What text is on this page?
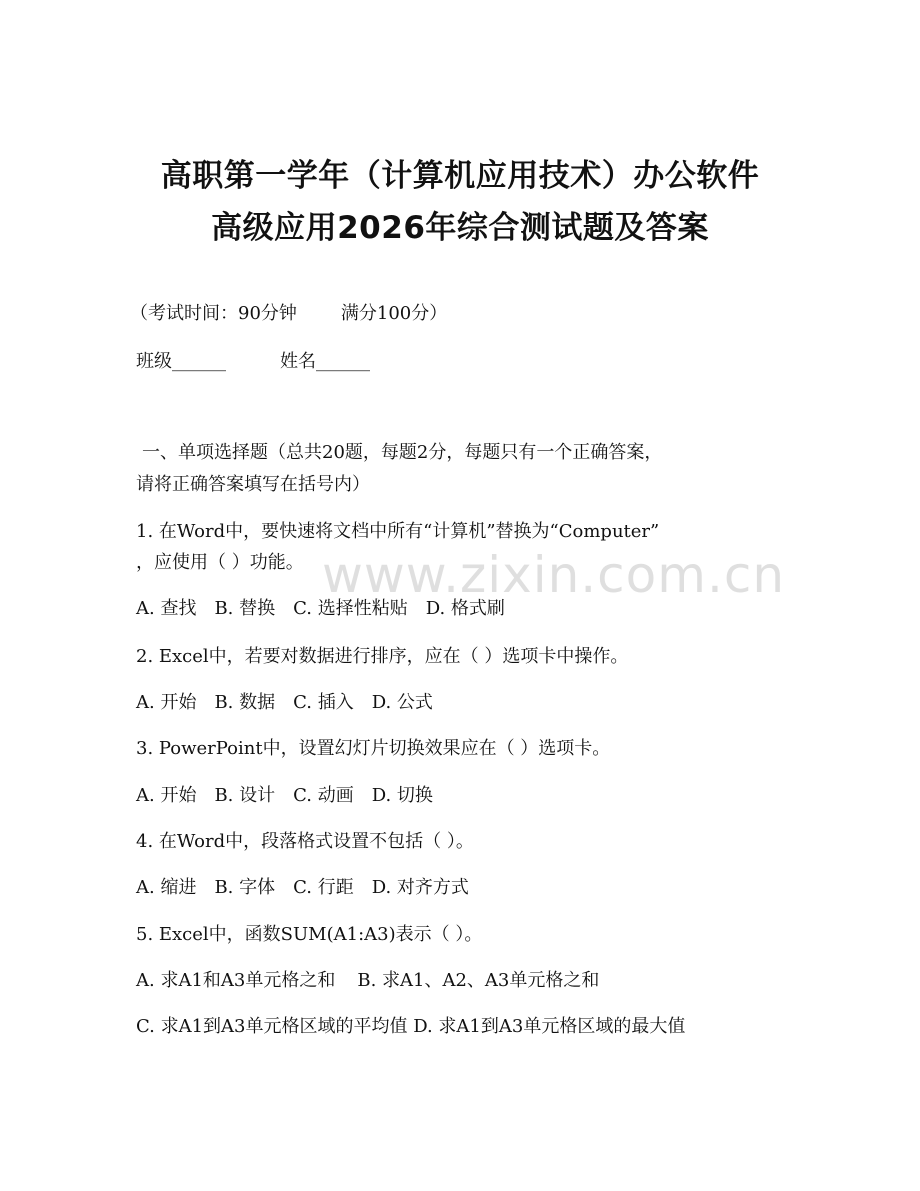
高职第一学年（计算机应用技术）办公软件
高级应用2026年综合测试题及答案
（考试时间：90分钟 满分100分）
班级______	姓名______
一、单项选择题（总共20题，每题2分，每题只有一个正确答案，
请将正确答案填写在括号内）
www.zixin.com.cn
1. 在Word中，要快速将文档中所有“计算机”替换为“Computer”
，应使用（ ）功能。
A. 查找 B. 替换 C. 选择性粘贴 D. 格式刷
2. Excel中，若要对数据进行排序，应在（ ）选项卡中操作。
A. 开始 B. 数据 C. 插入 D. 公式
3. PowerPoint中，设置幻灯片切换效果应在（ ）选项卡。
A. 开始 B. 设计 C. 动画 D. 切换
4. 在Word中，段落格式设置不包括（ ）。
A. 缩进 B. 字体 C. 行距 D. 对齐方式
5. Excel中，函数SUM(A1:A3)表示（ ）。
A. 求A1和A3单元格之和 B. 求A1、A2、A3单元格之和
C. 求A1到A3单元格区域的平均值 D. 求A1到A3单元格区域的最大值
